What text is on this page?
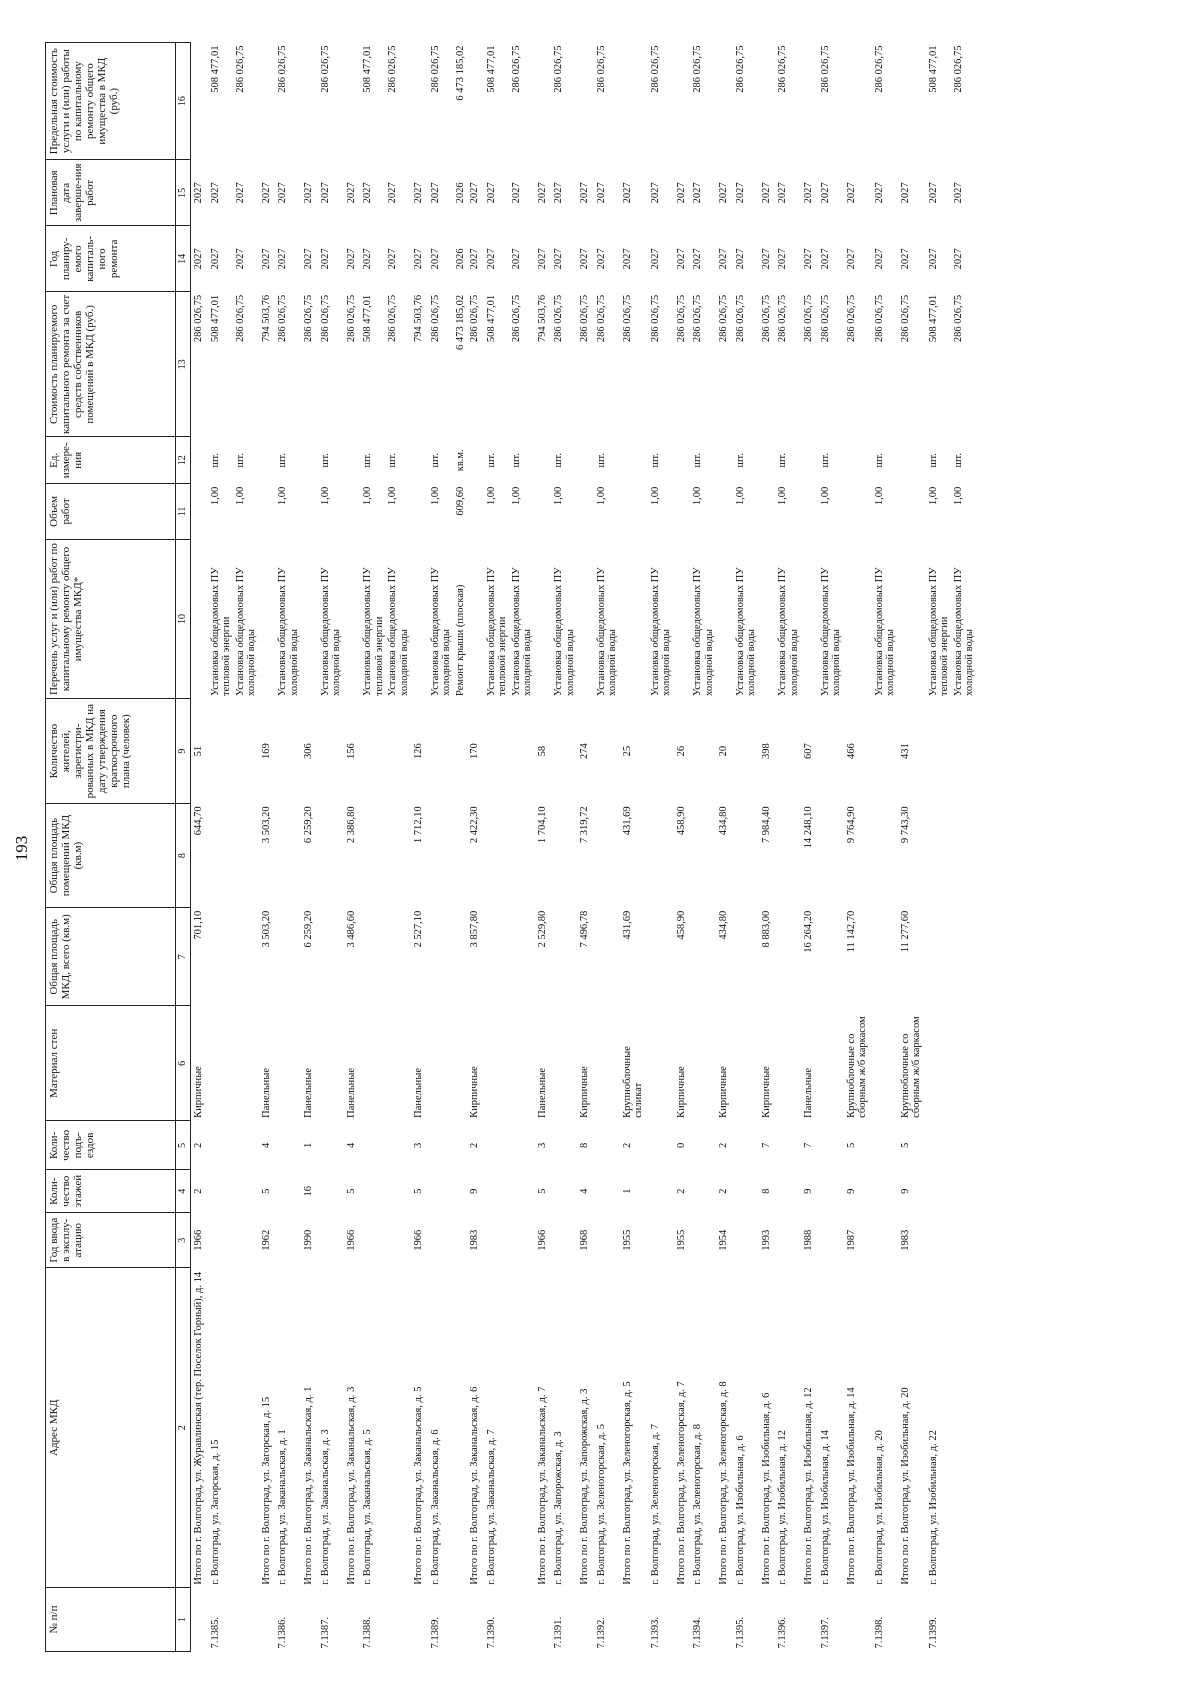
193
№ п/п	Адрес МКД	Год ввода в эксплу-атацию	Коли-чество этажей	Коли-чество подъ-ездов	Материал стен	Общая площадь МКД, всего (кв.м)	Общая площадь помещений МКД (кв.м)	Количество жителей, зарегистри-рованных в МКД на дату утверждения краткосрочного плана (человек)	Перечень услуг и (или) работ по капитальному ремонту общего имущества МКД*	Объем работ	Ед. измере-ния	Стоимость планируемого капитального ремонта за счет средств собственников помещений в МКД (руб.)	Год планиру-емого капиталь-ного ремонта	Плановая дата заверше-ния работ	Предельная стоимость услуги и (или) работы по капитальному ремонту общего имущества в МКД (руб.)
1	2	3	4	5	6	7	8	9	10	11	12	13	14	15	16
	Итого по г. Волгоград, ул. Журавлинская (тер. Поселок Горный), д. 14	1966	2	2	Кирпичные	701,10	644,70	51				286 026,75	2027	2027	
7.1385.	г. Волгоград, ул. Загорская, д. 15								Установка общедомовых ПУ тепловой энергии	1,00	шт.	508 477,01	2027	2027	508 477,01
									Установка общедомовых ПУ холодной воды	1,00	шт.	286 026,75	2027	2027	286 026,75
	Итого по г. Волгоград, ул. Загорская, д. 15	1962	5	4	Панельные	3 503,20	3 503,20	169				794 503,76	2027	2027	
7.1386.	г. Волгоград, ул. Заканальская, д. 1								Установка общедомовых ПУ холодной воды	1,00	шт.	286 026,75	2027	2027	286 026,75
	Итого по г. Волгоград, ул. Заканальская, д. 1	1990	16	1	Панельные	6 259,20	6 259,20	306				286 026,75	2027	2027	
7.1387.	г. Волгоград, ул. Заканальская, д. 3								Установка общедомовых ПУ холодной воды	1,00	шт.	286 026,75	2027	2027	286 026,75
	Итого по г. Волгоград, ул. Заканальская, д. 3	1966	5	4	Панельные	3 486,60	2 386,80	156				286 026,75	2027	2027	
7.1388.	г. Волгоград, ул. Заканальская, д. 5								Установка общедомовых ПУ тепловой энергии	1,00	шт.	508 477,01	2027	2027	508 477,01
									Установка общедомовых ПУ холодной воды	1,00	шт.	286 026,75	2027	2027	286 026,75
	Итого по г. Волгоград, ул. Заканальская, д. 5	1966	5	3	Панельные	2 527,10	1 712,10	126				794 503,76	2027	2027	
7.1389.	г. Волгоград, ул. Заканальская, д. 6								Установка общедомовых ПУ холодной воды	1,00	шт.	286 026,75	2027	2027	286 026,75
									Ремонт крыши (плоская)	609,60	кв.м.	6 473 185,02	2026	2026	6 473 185,02
	Итого по г. Волгоград, ул. Заканальская, д. 6	1983	9	2	Кирпичные	3 857,80	2 422,30	170				286 026,75	2027	2027	
7.1390.	г. Волгоград, ул. Заканальская, д. 7								Установка общедомовых ПУ тепловой энергии	1,00	шт.	508 477,01	2027	2027	508 477,01
									Установка общедомовых ПУ холодной воды	1,00	шт.	286 026,75	2027	2027	286 026,75
	Итого по г. Волгоград, ул. Заканальская, д. 7	1966	5	3	Панельные	2 529,80	1 704,10	58				794 503,76	2027	2027	
7.1391.	г. Волгоград, ул. Запорожская, д. 3								Установка общедомовых ПУ холодной воды	1,00	шт.	286 026,75	2027	2027	286 026,75
	Итого по г. Волгоград, ул. Запорожская, д. 3	1968	4	8	Кирпичные	7 496,78	7 319,72	274				286 026,75	2027	2027	
7.1392.	г. Волгоград, ул. Зеленогорская, д. 5								Установка общедомовых ПУ холодной воды	1,00	шт.	286 026,75	2027	2027	286 026,75
	Итого по г. Волгоград, ул. Зеленогорская, д. 5	1955	1	2	Крупноблочные силикат	431,69	431,69	25				286 026,75	2027	2027	
7.1393.	г. Волгоград, ул. Зеленогорская, д. 7								Установка общедомовых ПУ холодной воды	1,00	шт.	286 026,75	2027	2027	286 026,75
	Итого по г. Волгоград, ул. Зеленогорская, д. 7	1955	2	0	Кирпичные	458,90	458,90	26				286 026,75	2027	2027	
7.1394.	г. Волгоград, ул. Зеленогорская, д. 8								Установка общедомовых ПУ холодной воды	1,00	шт.	286 026,75	2027	2027	286 026,75
	Итого по г. Волгоград, ул. Зеленогорская, д. 8	1954	2	2	Кирпичные	434,80	434,80	20				286 026,75	2027	2027	
7.1395.	г. Волгоград, ул. Изобильная, д. 6								Установка общедомовых ПУ холодной воды	1,00	шт.	286 026,75	2027	2027	286 026,75
	Итого по г. Волгоград, ул. Изобильная, д. 6	1993	8	7	Кирпичные	8 883,00	7 984,40	398				286 026,75	2027	2027	
7.1396.	г. Волгоград, ул. Изобильная, д. 12								Установка общедомовых ПУ холодной воды	1,00	шт.	286 026,75	2027	2027	286 026,75
	Итого по г. Волгоград, ул. Изобильная, д. 12	1988	9	7	Панельные	16 264,20	14 248,10	607				286 026,75	2027	2027	
7.1397.	г. Волгоград, ул. Изобильная, д. 14								Установка общедомовых ПУ холодной воды	1,00	шт.	286 026,75	2027	2027	286 026,75
	Итого по г. Волгоград, ул. Изобильная, д. 14	1987	9	5	Крупноблочные со сборным ж/б каркасом	11 142,70	9 764,90	466				286 026,75	2027	2027	
7.1398.	г. Волгоград, ул. Изобильная, д. 20								Установка общедомовых ПУ холодной воды	1,00	шт.	286 026,75	2027	2027	286 026,75
	Итого по г. Волгоград, ул. Изобильная, д. 20	1983	9	5	Крупноблочные со сборным ж/б каркасом	11 277,60	9 743,30	431				286 026,75	2027	2027	
7.1399.	г. Волгоград, ул. Изобильная, д. 22								Установка общедомовых ПУ тепловой энергии	1,00	шт.	508 477,01	2027	2027	508 477,01
									Установка общедомовых ПУ холодной воды	1,00	шт.	286 026,75	2027	2027	286 026,75
